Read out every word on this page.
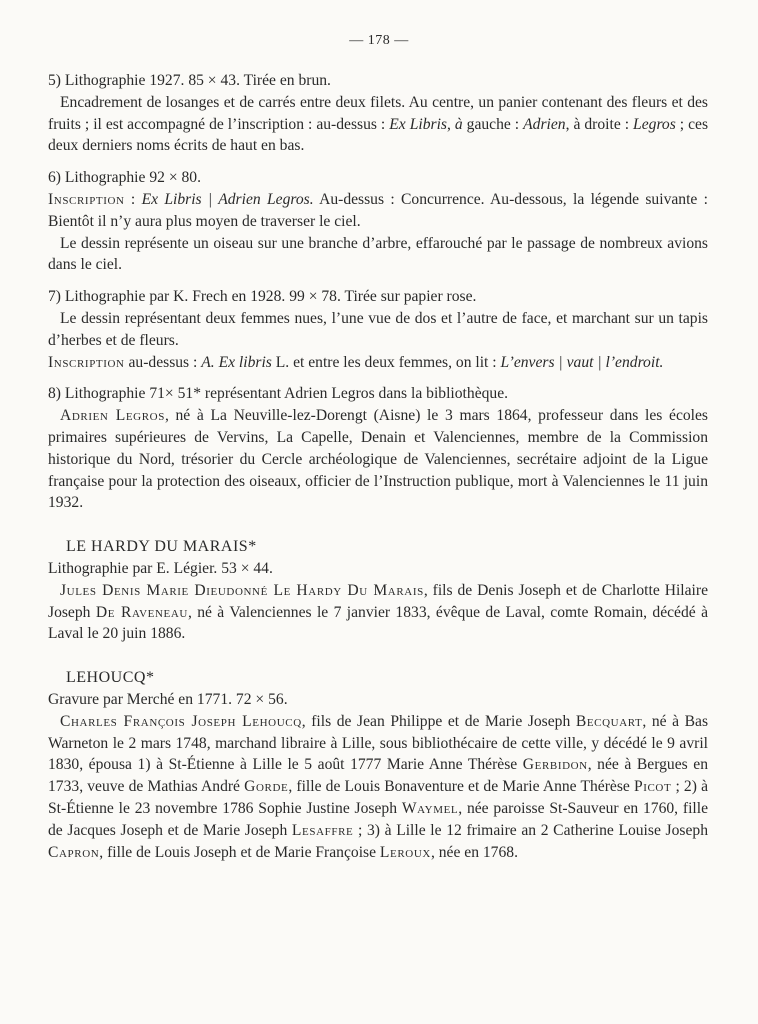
— 178 —

5) Lithographie 1927. 85 × 43. Tirée en brun.

Encadrement de losanges et de carrés entre deux filets. Au centre, un panier contenant des fleurs et des fruits ; il est accompagné de l’inscription : au-dessus : Ex Libris, à gauche : Adrien, à droite : Legros ; ces deux derniers noms écrits de haut en bas.

6) Lithographie 92 × 80.

Inscription : Ex Libris | Adrien Legros. Au-dessus : Concurrence. Au-dessous, la légende suivante : Bientôt il n’y aura plus moyen de traverser le ciel.

Le dessin représente un oiseau sur une branche d’arbre, effarouché par le passage de nombreux avions dans le ciel.

7) Lithographie par K. Frech en 1928. 99 × 78. Tirée sur papier rose.

Le dessin représentant deux femmes nues, l’une vue de dos et l’autre de face, et marchant sur un tapis d’herbes et de fleurs.

Inscription au-dessus : A. Ex libris L. et entre les deux femmes, on lit : L’envers | vaut | l’endroit.

8) Lithographie 71× 51* représentant Adrien Legros dans la bibliothèque.

Adrien Legros, né à La Neuville-lez-Dorengt (Aisne) le 3 mars 1864, professeur dans les écoles primaires supérieures de Vervins, La Capelle, Denain et Valenciennes, membre de la Commission historique du Nord, trésorier du Cercle archéologique de Valenciennes, secrétaire adjoint de la Ligue française pour la protection des oiseaux, officier de l’Instruction publique, mort à Valenciennes le 11 juin 1932.

LE HARDY DU MARAIS*

Lithographie par E. Légier. 53 × 44.

Jules Denis Marie Dieudonné Le Hardy Du Marais, fils de Denis Joseph et de Charlotte Hilaire Joseph De Raveneau, né à Valenciennes le 7 janvier 1833, évêque de Laval, comte Romain, décédé à Laval le 20 juin 1886.

LEHOUCQ*

Gravure par Merché en 1771. 72 × 56.

Charles François Joseph Lehoucq, fils de Jean Philippe et de Marie Joseph Becquart, né à Bas Warneton le 2 mars 1748, marchand libraire à Lille, sous bibliothécaire de cette ville, y décédé le 9 avril 1830, épousa 1) à St-Étienne à Lille le 5 août 1777 Marie Anne Thérèse Gerbidon, née à Bergues en 1733, veuve de Mathias André Gorde, fille de Louis Bonaventure et de Marie Anne Thérèse Picot ; 2) à St-Étienne le 23 novembre 1786 Sophie Justine Joseph Waymel, née paroisse St-Sauveur en 1760, fille de Jacques Joseph et de Marie Joseph Lesaffre ; 3) à Lille le 12 frimaire an 2 Catherine Louise Joseph Capron, fille de Louis Joseph et de Marie Françoise Leroux, née en 1768.
